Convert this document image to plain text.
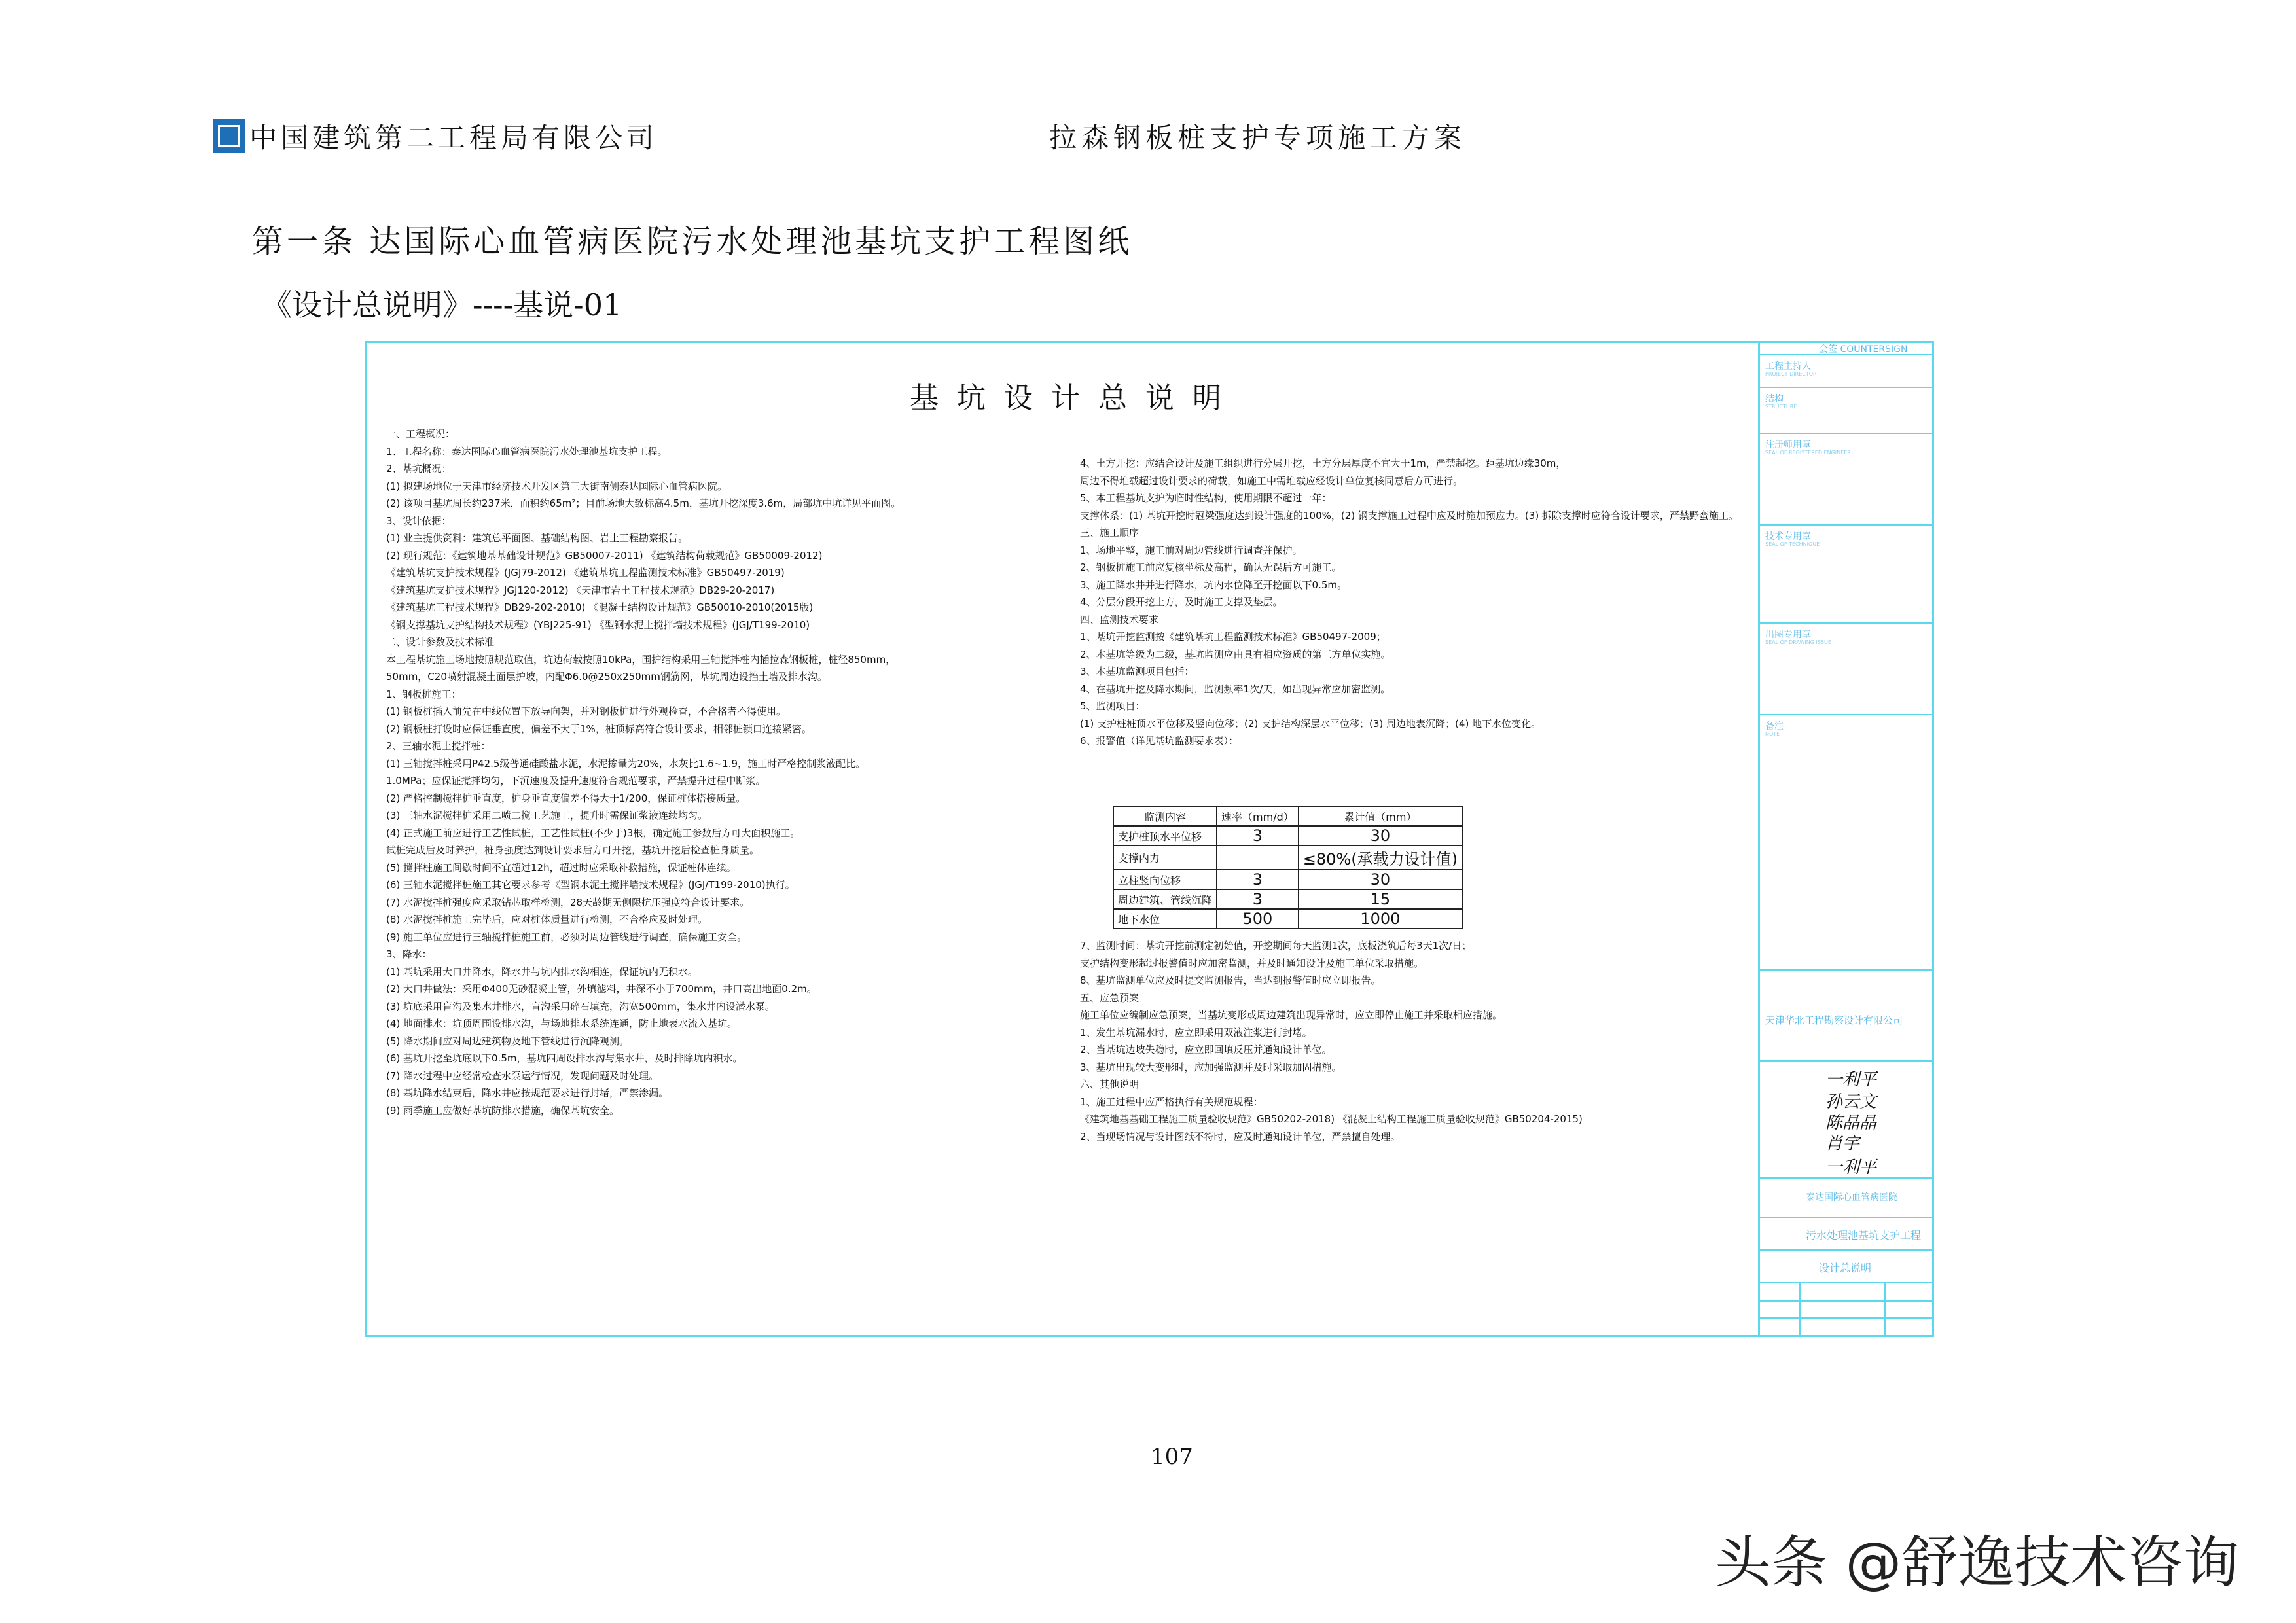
中国建筑第二工程局有限公司	拉森钢板桩支护专项施工方案
第一条 达国际心血管病医院污水处理池基坑支护工程图纸
《设计总说明》----基说-01
基坑设计总说明
一、工程概况：
1、工程名称：泰达国际心血管病医院污水处理池基坑支护工程。
2、基坑概况：
(1) 拟建场地位于天津市经济技术开发区第三大街南侧泰达国际心血管病医院。
(2) 该项目基坑周长约237米，面积约65m²；目前场地大致标高4.5m，基坑开挖深度3.6m，局部坑中坑详见平面图。
3、设计依据：
(1) 业主提供资料：建筑总平面图、基础结构图、岩土工程勘察报告。
(2) 现行规范：《建筑地基基础设计规范》GB50007-2011) 《建筑结构荷载规范》GB50009-2012)
《建筑基坑支护技术规程》(JGJ79-2012) 《建筑基坑工程监测技术标准》GB50497-2019)
《建筑基坑支护技术规程》JGJ120-2012) 《天津市岩土工程技术规范》DB29-20-2017)
《建筑基坑工程技术规程》DB29-202-2010) 《混凝土结构设计规范》GB50010-2010(2015版)
《钢支撑基坑支护结构技术规程》(YBJ225-91) 《型钢水泥土搅拌墙技术规程》(JGJ/T199-2010)
二、设计参数及技术标准
本工程基坑施工场地按照规范取值，坑边荷载按照10kPa，围护结构采用三轴搅拌桩内插拉森钢板桩，桩径850mm，
50mm，C20喷射混凝土面层护坡，内配Φ6.0@250x250mm钢筋网，基坑周边设挡土墙及排水沟。
1、钢板桩施工：
(1) 钢板桩插入前先在中线位置下放导向架，并对钢板桩进行外观检查，不合格者不得使用。
(2) 钢板桩打设时应保证垂直度，偏差不大于1%，桩顶标高符合设计要求，相邻桩锁口连接紧密。
2、三轴水泥土搅拌桩：
(1) 三轴搅拌桩采用P42.5级普通硅酸盐水泥，水泥掺量为20%，水灰比1.6~1.9，施工时严格控制浆液配比。
1.0MPa；应保证搅拌均匀，下沉速度及提升速度符合规范要求，严禁提升过程中断浆。
(2) 严格控制搅拌桩垂直度，桩身垂直度偏差不得大于1/200，保证桩体搭接质量。
(3) 三轴水泥搅拌桩采用二喷二搅工艺施工，提升时需保证浆液连续均匀。
(4) 正式施工前应进行工艺性试桩，工艺性试桩(不少于)3根，确定施工参数后方可大面积施工。
试桩完成后及时养护，桩身强度达到设计要求后方可开挖，基坑开挖后检查桩身质量。
(5) 搅拌桩施工间歇时间不宜超过12h，超过时应采取补救措施，保证桩体连续。
(6) 三轴水泥搅拌桩施工其它要求参考《型钢水泥土搅拌墙技术规程》(JGJ/T199-2010)执行。
(7) 水泥搅拌桩强度应采取钻芯取样检测，28天龄期无侧限抗压强度符合设计要求。
(8) 水泥搅拌桩施工完毕后，应对桩体质量进行检测，不合格应及时处理。
(9) 施工单位应进行三轴搅拌桩施工前，必须对周边管线进行调查，确保施工安全。
3、降水：
(1) 基坑采用大口井降水，降水井与坑内排水沟相连，保证坑内无积水。
(2) 大口井做法：采用Φ400无砂混凝土管，外填滤料，井深不小于700mm，井口高出地面0.2m。
(3) 坑底采用盲沟及集水井排水，盲沟采用碎石填充，沟宽500mm，集水井内设潜水泵。
(4) 地面排水：坑顶周围设排水沟，与场地排水系统连通，防止地表水流入基坑。
(5) 降水期间应对周边建筑物及地下管线进行沉降观测。
(6) 基坑开挖至坑底以下0.5m，基坑四周设排水沟与集水井，及时排除坑内积水。
(7) 降水过程中应经常检查水泵运行情况，发现问题及时处理。
(8) 基坑降水结束后，降水井应按规范要求进行封堵，严禁渗漏。
(9) 雨季施工应做好基坑防排水措施，确保基坑安全。
4、土方开挖：应结合设计及施工组织进行分层开挖，土方分层厚度不宜大于1m，严禁超挖。距基坑边缘30m，
周边不得堆载超过设计要求的荷载，如施工中需堆载应经设计单位复核同意后方可进行。
5、本工程基坑支护为临时性结构，使用期限不超过一年：
支撑体系：(1) 基坑开挖时冠梁强度达到设计强度的100%，(2) 钢支撑施工过程中应及时施加预应力。(3) 拆除支撑时应符合设计要求，严禁野蛮施工。
三、施工顺序
1、场地平整，施工前对周边管线进行调查并保护。
2、钢板桩施工前应复核坐标及高程，确认无误后方可施工。
3、施工降水井并进行降水，坑内水位降至开挖面以下0.5m。
4、分层分段开挖土方，及时施工支撑及垫层。
四、监测技术要求
1、基坑开挖监测按《建筑基坑工程监测技术标准》GB50497-2009；
2、本基坑等级为二级，基坑监测应由具有相应资质的第三方单位实施。
3、本基坑监测项目包括：
4、在基坑开挖及降水期间，监测频率1次/天，如出现异常应加密监测。
5、监测项目：
(1) 支护桩桩顶水平位移及竖向位移；(2) 支护结构深层水平位移；(3) 周边地表沉降；(4) 地下水位变化。
6、报警值（详见基坑监测要求表）：
监测内容	速率（mm/d）	累计值（mm）
支护桩顶水平位移	3	30
支撑内力		≤80%(承载力设计值)
立柱竖向位移	3	30
周边建筑、管线沉降	3	15
地下水位	500	1000
7、监测时间：基坑开挖前测定初始值，开挖期间每天监测1次，底板浇筑后每3天1次/日；
支护结构变形超过报警值时应加密监测，并及时通知设计及施工单位采取措施。
8、基坑监测单位应及时提交监测报告，当达到报警值时应立即报告。
五、应急预案
施工单位应编制应急预案，当基坑变形或周边建筑出现异常时，应立即停止施工并采取相应措施。
1、发生基坑漏水时，应立即采用双液注浆进行封堵。
2、当基坑边坡失稳时，应立即回填反压并通知设计单位。
3、基坑出现较大变形时，应加强监测并及时采取加固措施。
六、其他说明
1、施工过程中应严格执行有关规范规程：
《建筑地基基础工程施工质量验收规范》GB50202-2018) 《混凝土结构工程施工质量验收规范》GB50204-2015)
2、当现场情况与设计图纸不符时，应及时通知设计单位，严禁擅自处理。
会签 COUNTERSIGN
工程主持人
PROJECT DIRECTOR
结构
STRUCTURE
注册师用章
SEAL OF REGISTERED ENGINEER
技术专用章
SEAL OF TECHNIQUE
出图专用章
SEAL OF DRAWING ISSUE
备注
NOTE
天津华北工程勘察设计有限公司
一利平
孙云文
陈晶晶
肖宇
一利平
泰达国际心血管病医院
污水处理池基坑支护工程
设计总说明
107
头条 @舒逸技术咨询
